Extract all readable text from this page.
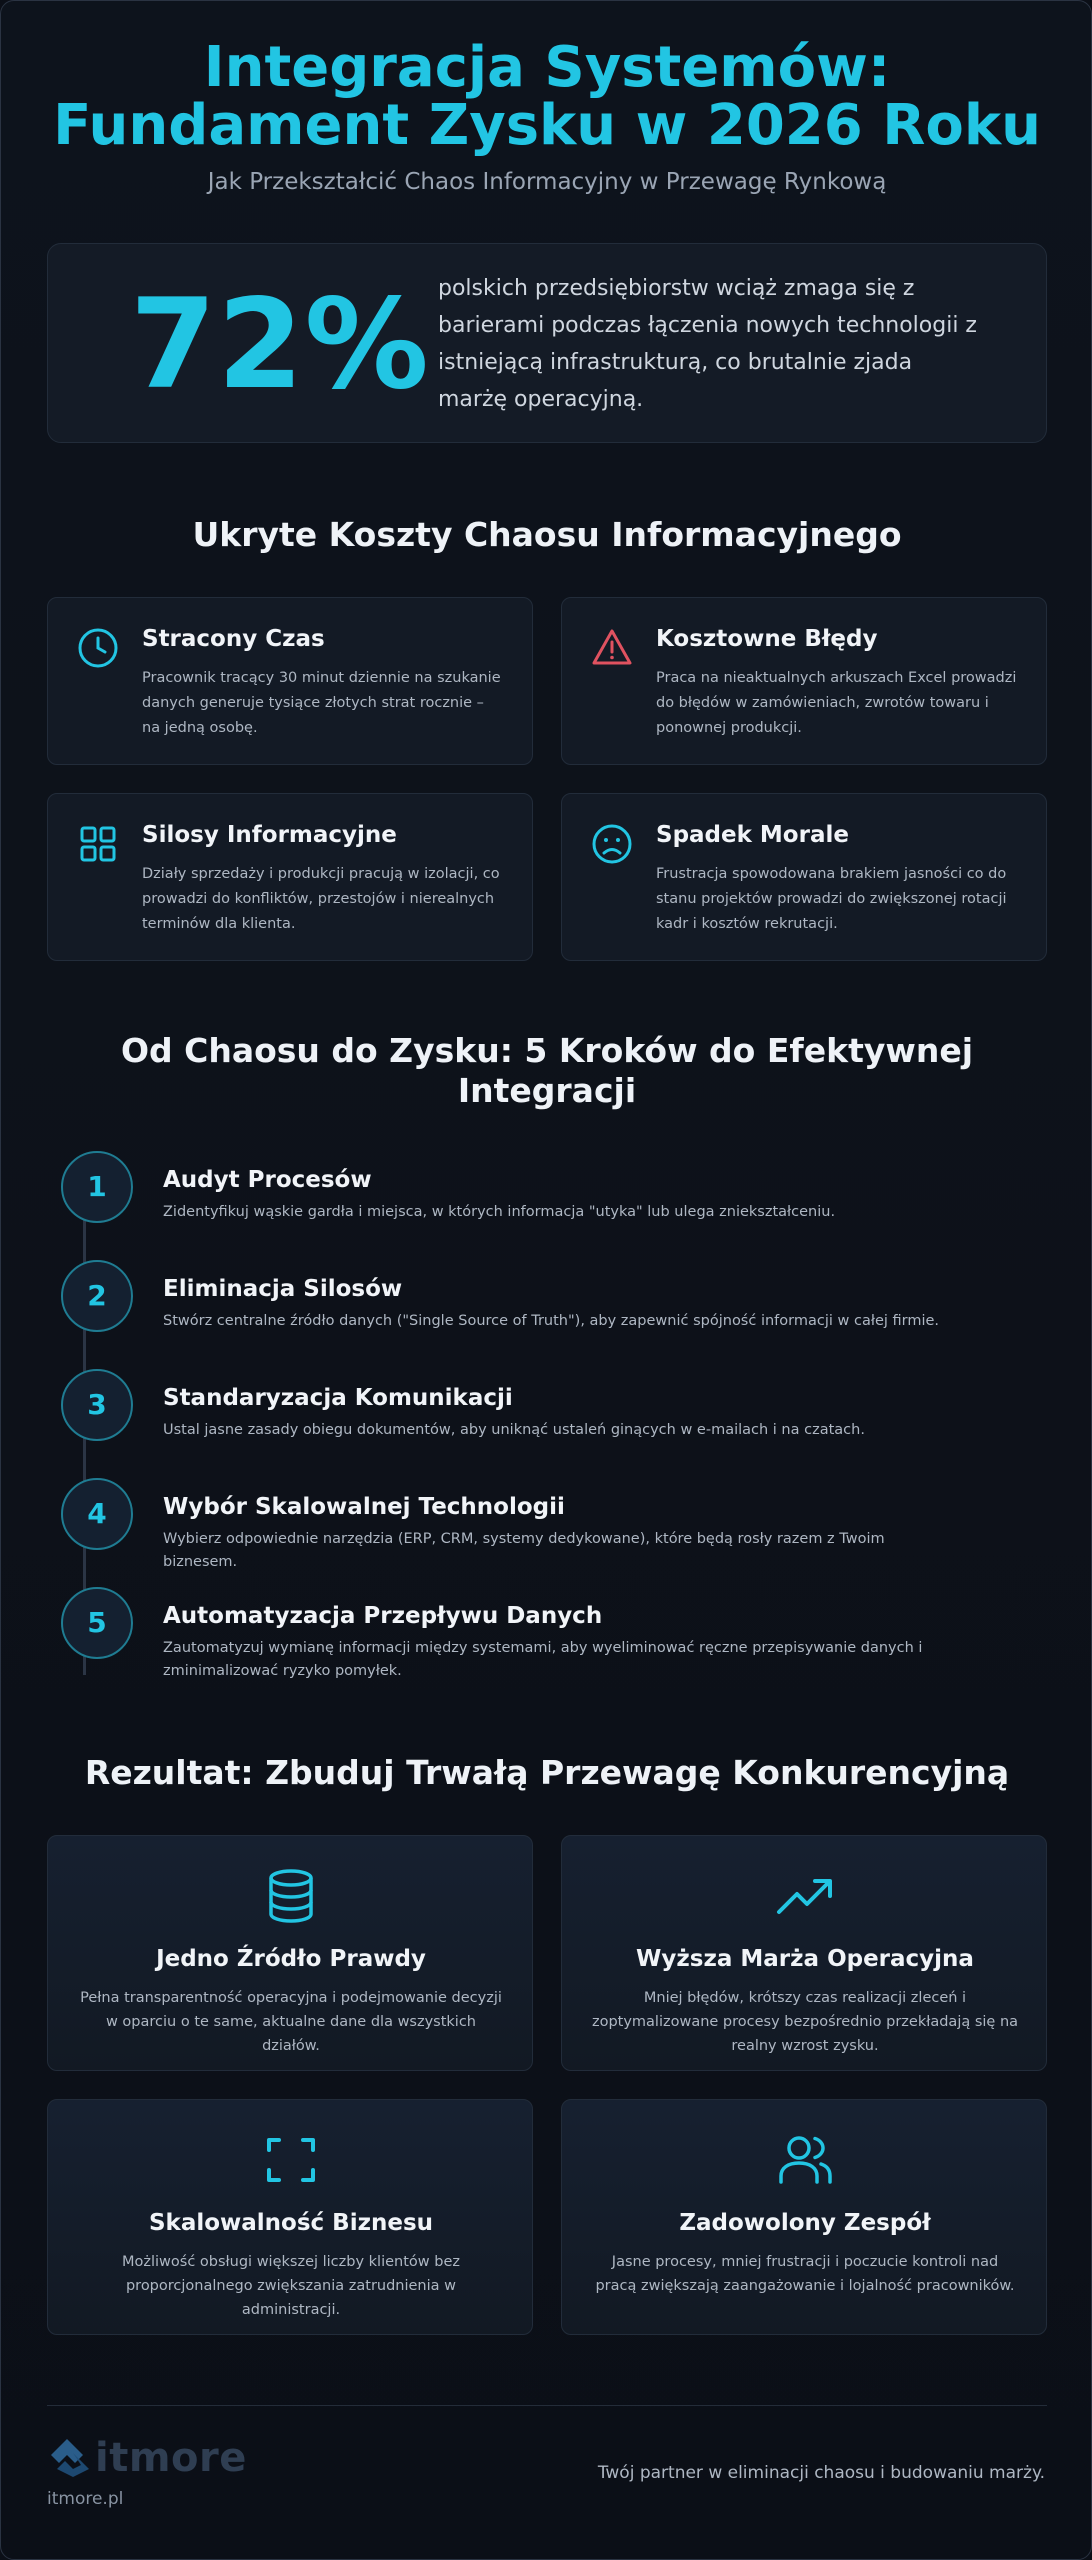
Integracja Systemów:
Fundament Zysku w 2026 Roku
Jak Przekształcić Chaos Informacyjny w Przewagę Rynkową
72% polskich przedsiębiorstw wciąż zmaga się z barierami podczas łączenia nowych technologii z istniejącą infrastrukturą, co brutalnie zjada marżę operacyjną.
Ukryte Koszty Chaosu Informacyjnego
Stracony Czas
Pracownik tracący 30 minut dziennie na szukanie danych generuje tysiące złotych strat rocznie – na jedną osobę.
Kosztowne Błędy
Praca na nieaktualnych arkuszach Excel prowadzi do błędów w zamówieniach, zwrotów towaru i ponownej produkcji.
Silosy Informacyjne
Działy sprzedaży i produkcji pracują w izolacji, co prowadzi do konfliktów, przestojów i nierealnych terminów dla klienta.
Spadek Morale
Frustracja spowodowana brakiem jasności co do stanu projektów prowadzi do zwiększonej rotacji kadr i kosztów rekrutacji.
Od Chaosu do Zysku: 5 Kroków do Efektywnej
Integracji
1	Audyt Procesów
Zidentyfikuj wąskie gardła i miejsca, w których informacja "utyka" lub ulega zniekształceniu.
2	Eliminacja Silosów
Stwórz centralne źródło danych ("Single Source of Truth"), aby zapewnić spójność informacji w całej firmie.
3	Standaryzacja Komunikacji
Ustal jasne zasady obiegu dokumentów, aby uniknąć ustaleń ginących w e-mailach i na czatach.
4	Wybór Skalowalnej Technologii
Wybierz odpowiednie narzędzia (ERP, CRM, systemy dedykowane), które będą rosły razem z Twoim biznesem.
5	Automatyzacja Przepływu Danych
Zautomatyzuj wymianę informacji między systemami, aby wyeliminować ręczne przepisywanie danych i zminimalizować ryzyko pomyłek.
Rezultat: Zbuduj Trwałą Przewagę Konkurencyjną
Jedno Źródło Prawdy
Pełna transparentność operacyjna i podejmowanie decyzji w oparciu o te same, aktualne dane dla wszystkich działów.
Wyższa Marża Operacyjna
Mniej błędów, krótszy czas realizacji zleceń i zoptymalizowane procesy bezpośrednio przekładają się na realny wzrost zysku.
Skalowalność Biznesu
Możliwość obsługi większej liczby klientów bez proporcjonalnego zwiększania zatrudnienia w administracji.
Zadowolony Zespół
Jasne procesy, mniej frustracji i poczucie kontroli nad pracą zwiększają zaangażowanie i lojalność pracowników.
itmore
itmore.pl
Twój partner w eliminacji chaosu i budowaniu marży.
